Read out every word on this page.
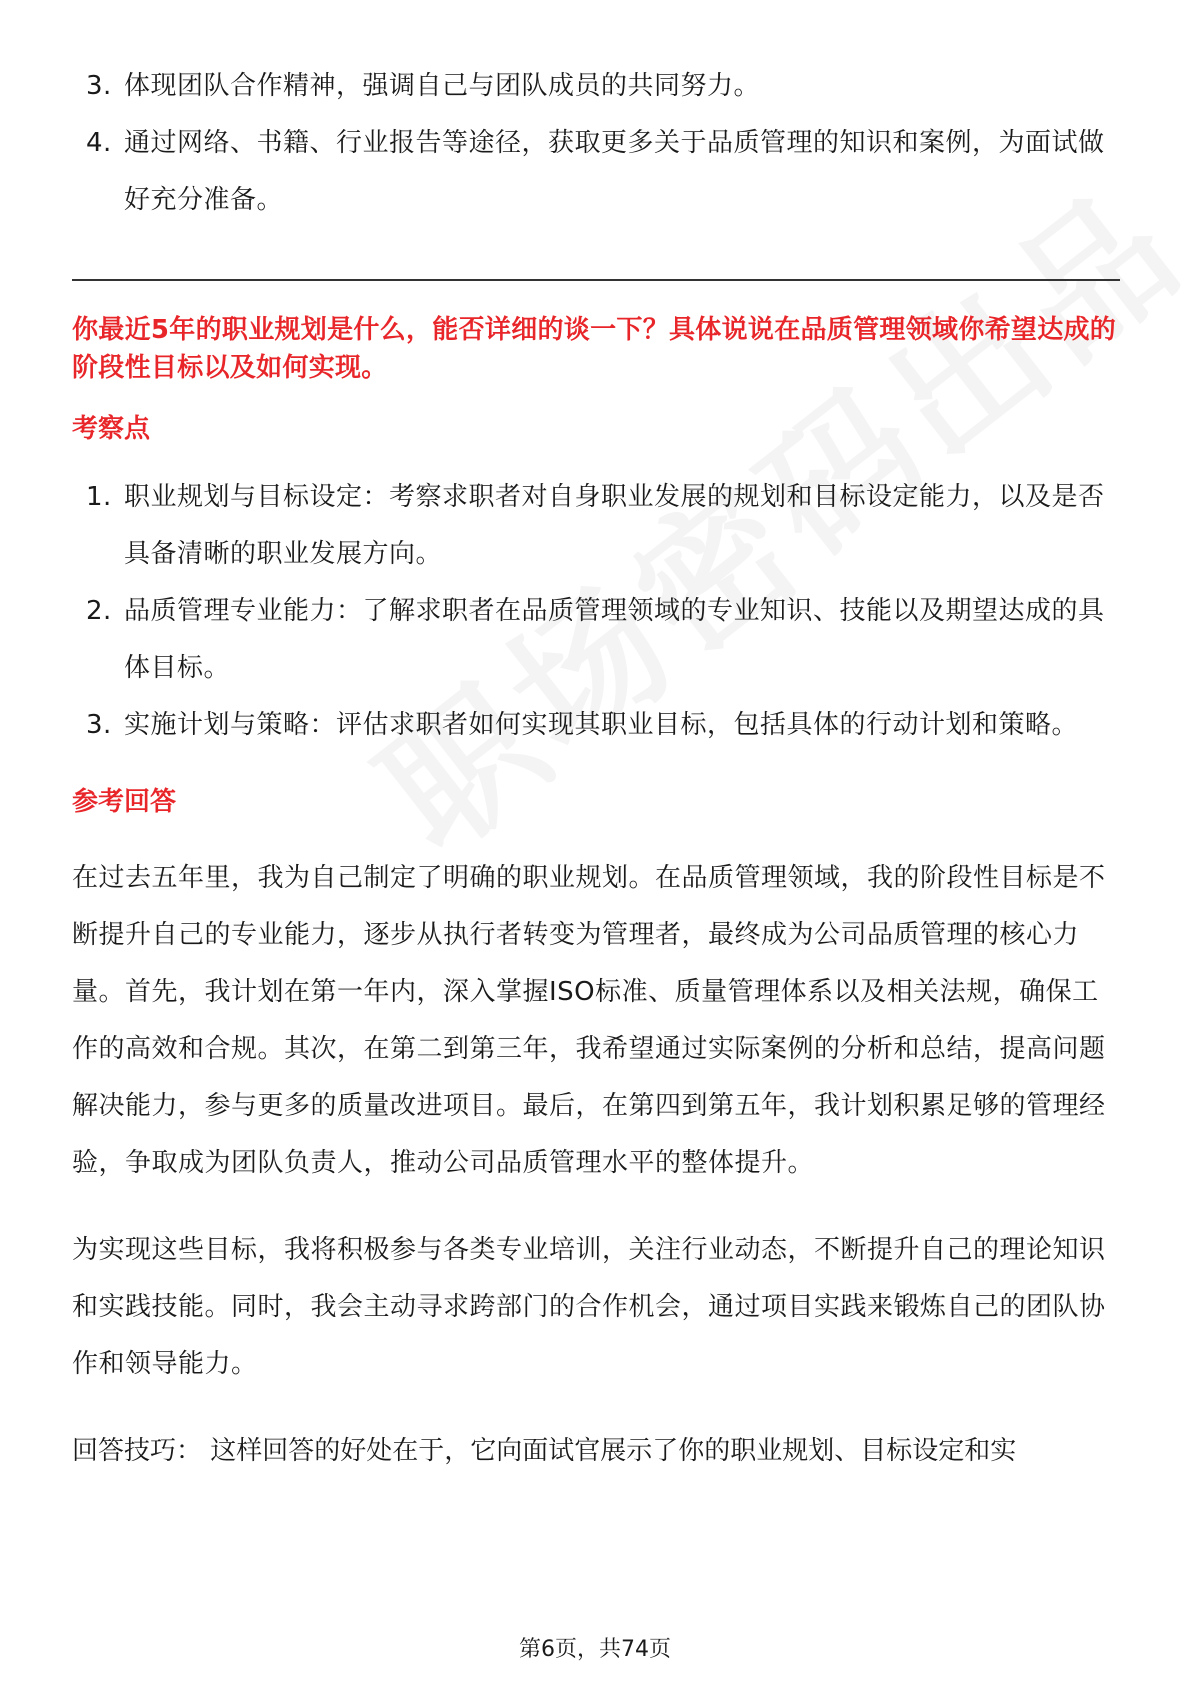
3. 体现团队合作精神，强调自己与团队成员的共同努力。
4. 通过网络、书籍、行业报告等途径，获取更多关于品质管理的知识和案例，为面试做好充分准备。
你最近5年的职业规划是什么，能否详细的谈一下？具体说说在品质管理领域你希望达成的阶段性目标以及如何实现。
考察点
1. 职业规划与目标设定：考察求职者对自身职业发展的规划和目标设定能力，以及是否具备清晰的职业发展方向。
2. 品质管理专业能力：了解求职者在品质管理领域的专业知识、技能以及期望达成的具体目标。
3. 实施计划与策略：评估求职者如何实现其职业目标，包括具体的行动计划和策略。
参考回答

在过去五年里，我为自己制定了明确的职业规划。在品质管理领域，我的阶段性目标是不断提升自己的专业能力，逐步从执行者转变为管理者，最终成为公司品质管理的核心力量。首先，我计划在第一年内，深入掌握ISO标准、质量管理体系以及相关法规，确保工作的高效和合规。其次，在第二到第三年，我希望通过实际案例的分析和总结，提高问题解决能力，参与更多的质量改进项目。最后，在第四到第五年，我计划积累足够的管理经验，争取成为团队负责人，推动公司品质管理水平的整体提升。

为实现这些目标，我将积极参与各类专业培训，关注行业动态，不断提升自己的理论知识和实践技能。同时，我会主动寻求跨部门的合作机会，通过项目实践来锻炼自己的团队协作和领导能力。

回答技巧： 这样回答的好处在于，它向面试官展示了你的职业规划、目标设定和实
第6页，共74页
